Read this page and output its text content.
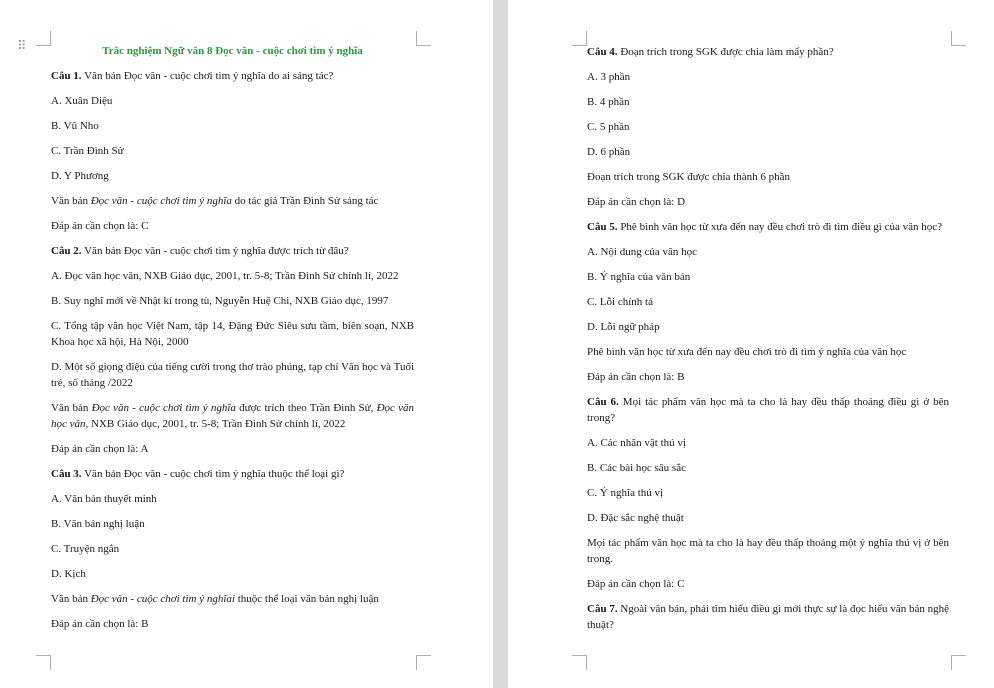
⠿	Trắc nghiệm Ngữ văn 8 Đọc văn - cuộc chơi tìm ý nghĩa

Câu 1. Văn bản Đọc văn - cuộc chơi tìm ý nghĩa do ai sáng tác?

A. Xuân Diệu

B. Vũ Nho

C. Trần Đình Sử

D. Y Phương

Văn bản Đọc văn - cuộc chơi tìm ý nghĩa do tác giả Trần Đình Sử sáng tác

Đáp án cần chọn là: C

Câu 2. Văn bản Đọc văn - cuộc chơi tìm ý nghĩa được trích từ đâu?

A. Đọc văn học văn, NXB Giáo dục, 2001, tr. 5-8; Trần Đình Sử chỉnh lí, 2022

B. Suy nghĩ mới về Nhật kí trong tù, Nguyễn Huệ Chi, NXB Giáo dục, 1997

C. Tổng tập văn học Việt Nam, tập 14, Đặng Đức Siêu sưu tầm, biên soạn, NXB Khoa học xã hội, Hà Nội, 2000

D. Một số giọng điệu của tiếng cười trong thơ trào phúng, tạp chí Văn học và Tuổi trẻ, số tháng /2022

Văn bản Đọc văn - cuộc chơi tìm ý nghĩa được trích theo Trần Đình Sử, Đọc văn học văn, NXB Giáo dục, 2001, tr. 5-8; Trần Đình Sử chỉnh lí, 2022

Đáp án cần chọn là: A

Câu 3. Văn bản Đọc văn - cuộc chơi tìm ý nghĩa thuộc thể loại gì?

A. Văn bản thuyết minh

B. Văn bản nghị luận

C. Truyện ngắn

D. Kịch

Văn bản Đọc văn - cuộc chơi tìm ý nghĩai thuộc thể loại văn bản nghị luận

Đáp án cần chọn là: B

Câu 4. Đoạn trích trong SGK được chia làm mấy phần?

A. 3 phần

B. 4 phần

C. 5 phần

D. 6 phần

Đoạn trích trong SGK được chia thành 6 phần

Đáp án cần chọn là: D

Câu 5. Phê bình văn học từ xưa đến nay đều chơi trò đi tìm điều gì của văn học?

A. Nội dung của văn học

B. Ý nghĩa của văn bản

C. Lỗi chính tả

D. Lỗi ngữ pháp

Phê bình văn học từ xưa đến nay đều chơi trò đi tìm ý nghĩa của văn học

Đáp án cần chọn là: B

Câu 6. Mọi tác phẩm văn học mà ta cho là hay đều thấp thoáng điều gì ở bên trong?

A. Các nhân vật thú vị

B. Các bài học sâu sắc

C. Ý nghĩa thú vị

D. Đặc sắc nghệ thuật

Mọi tác phẩm văn học mà ta cho là hay đều thấp thoáng một ý nghĩa thú vị ở bên trong.

Đáp án cần chọn là: C

Câu 7. Ngoài văn bản, phải tìm hiểu điều gì mới thực sự là đọc hiểu văn bản nghệ thuật?
